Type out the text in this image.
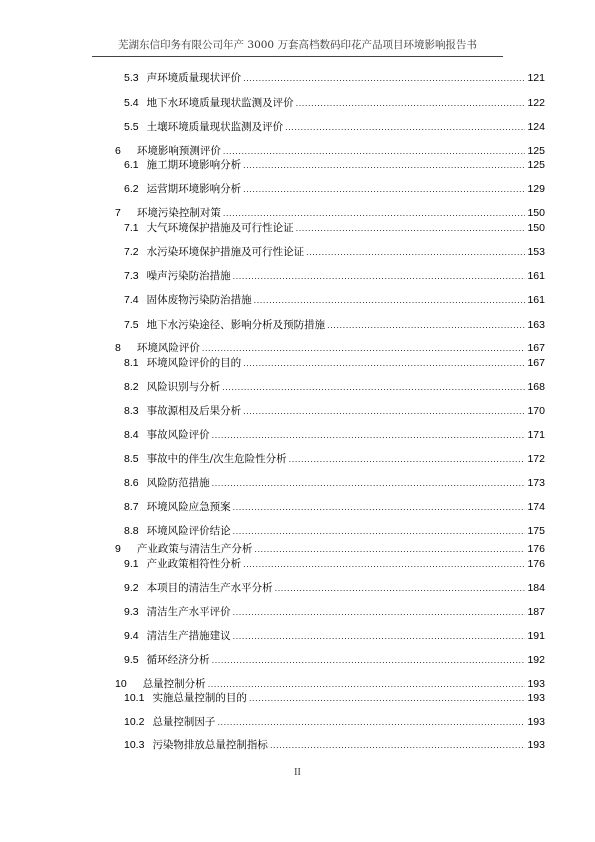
芜湖东信印务有限公司年产 3000 万套高档数码印花产品项目环境影响报告书
5.3 声环境质量现状评价 .....	121
5.4 地下水环境质量现状监测及评价 .....	122
5.5 土壤环境质量现状监测及评价 .....	124
6 环境影响预测评价 .....	125
6.1 施工期环境影响分析 .....	125
6.2 运营期环境影响分析 .....	129
7 环境污染控制对策 .....	150
7.1 大气环境保护措施及可行性论证 .....	150
7.2 水污染环境保护措施及可行性论证 .....	153
7.3 噪声污染防治措施 .....	161
7.4 固体废物污染防治措施 .....	161
7.5 地下水污染途径、影响分析及预防措施 .....	163
8 环境风险评价 .....	167
8.1 环境风险评价的目的 .....	167
8.2 风险识别与分析 .....	168
8.3 事故源相及后果分析 .....	170
8.4 事故风险评价 .....	171
8.5 事故中的伴生/次生危险性分析 .....	172
8.6 风险防范措施 .....	173
8.7 环境风险应急预案 .....	174
8.8 环境风险评价结论 .....	175
9 产业政策与清洁生产分析 .....	176
9.1 产业政策相符性分析 .....	176
9.2 本项目的清洁生产水平分析 .....	184
9.3 清洁生产水平评价 .....	187
9.4 清洁生产措施建议 .....	191
9.5 循环经济分析 .....	192
10 总量控制分析 .....	193
10.1 实施总量控制的目的 .....	193
10.2 总量控制因子 .....	193
10.3 污染物排放总量控制指标 .....	193
II
